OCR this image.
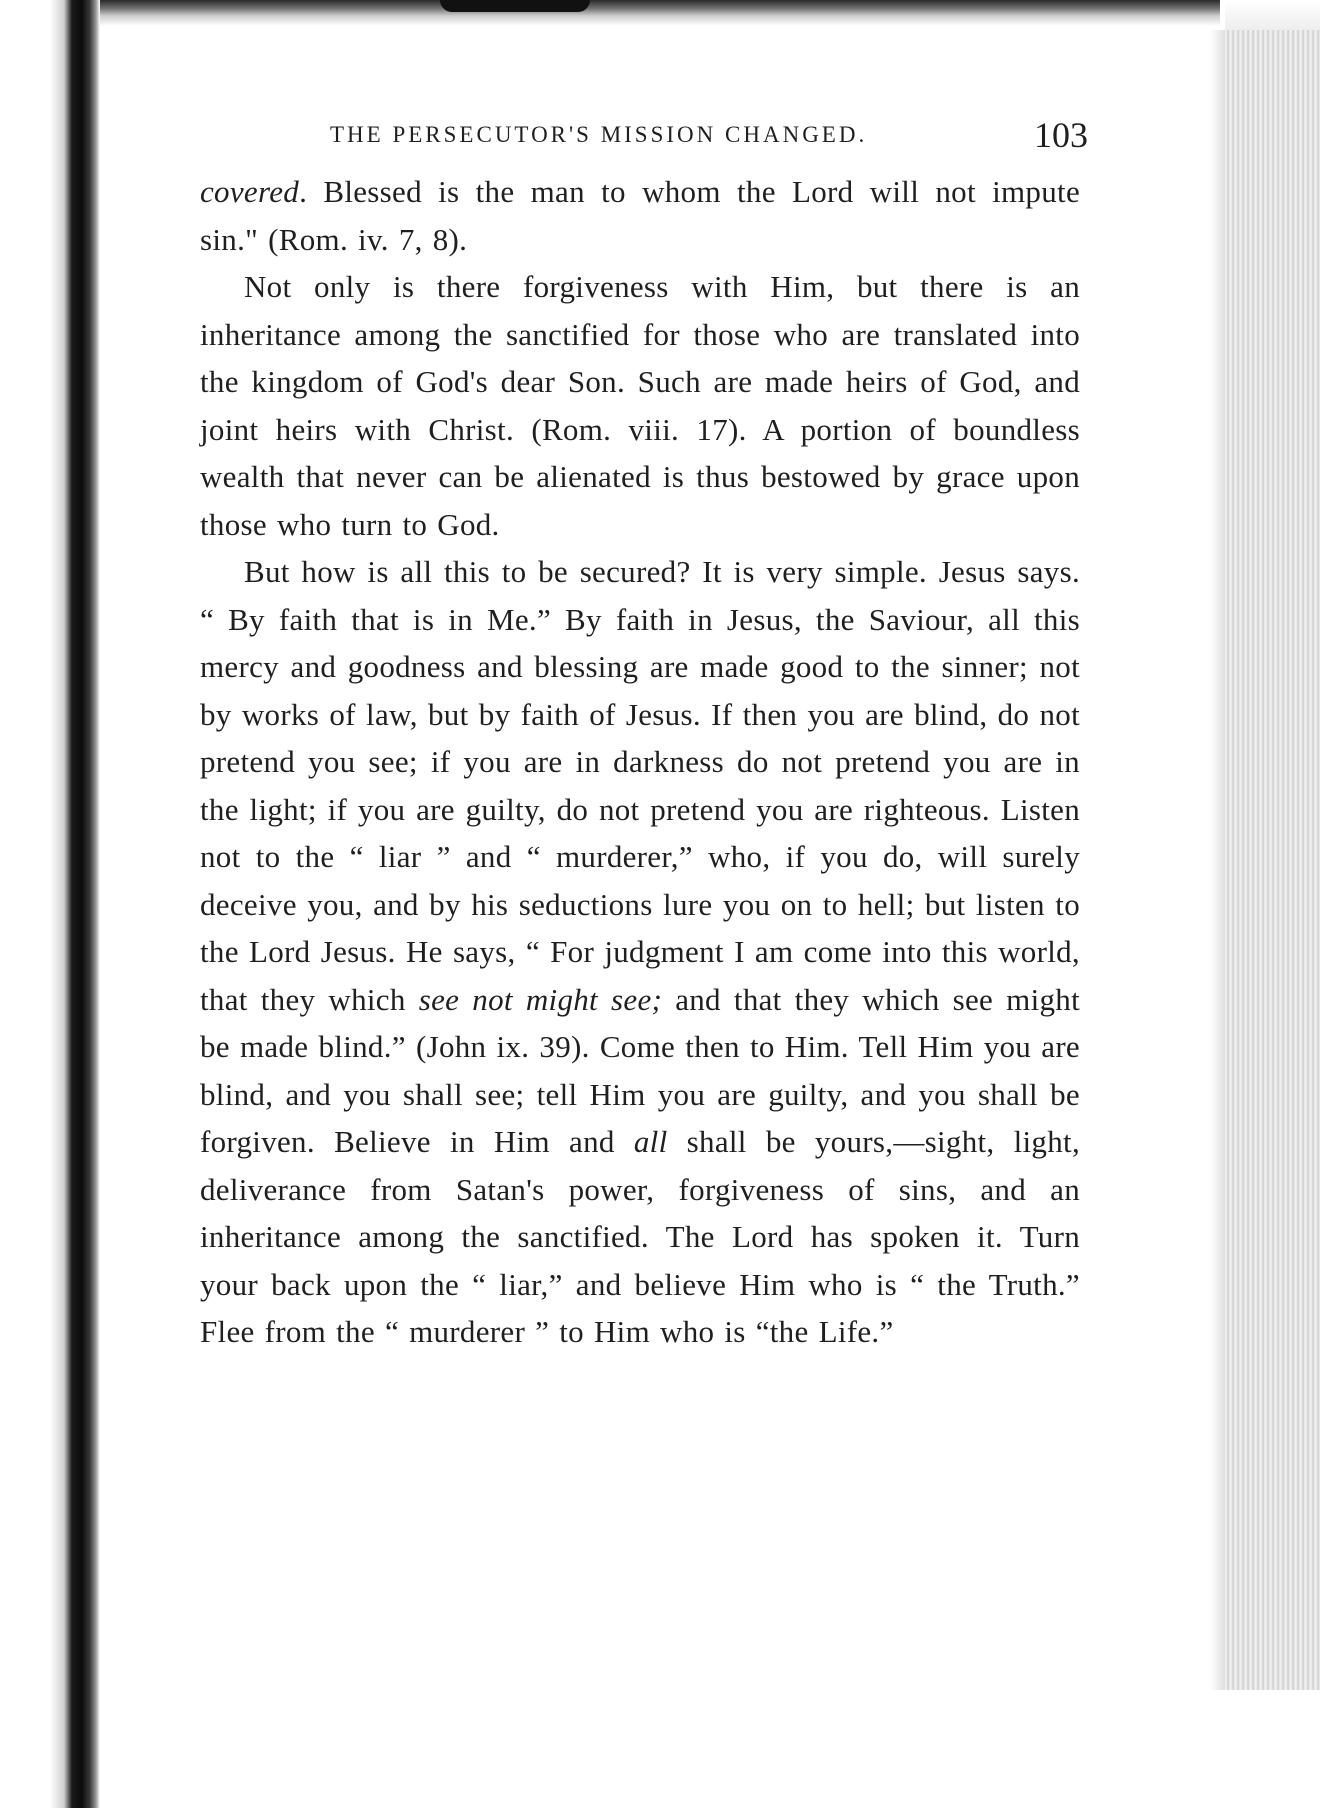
THE PERSECUTOR'S MISSION CHANGED.	103

covered. Blessed is the man to whom the Lord will not impute sin." (Rom. iv. 7, 8).

Not only is there forgiveness with Him, but there is an inheritance among the sanctified for those who are translated into the kingdom of God's dear Son. Such are made heirs of God, and joint heirs with Christ. (Rom. viii. 17). A portion of boundless wealth that never can be alienated is thus bestowed by grace upon those who turn to God.

But how is all this to be secured? It is very simple. Jesus says. “ By faith that is in Me.” By faith in Jesus, the Saviour, all this mercy and goodness and blessing are made good to the sinner; not by works of law, but by faith of Jesus. If then you are blind, do not pretend you see; if you are in darkness do not pretend you are in the light; if you are guilty, do not pretend you are righteous. Listen not to the “ liar ” and “ murderer,” who, if you do, will surely deceive you, and by his seductions lure you on to hell; but listen to the Lord Jesus. He says, “ For judgment I am come into this world, that they which see not might see; and that they which see might be made blind.” (John ix. 39). Come then to Him. Tell Him you are blind, and you shall see; tell Him you are guilty, and you shall be forgiven. Believe in Him and all shall be yours,—sight, light, deliverance from Satan's power, forgiveness of sins, and an inheritance among the sanctified. The Lord has spoken it. Turn your back upon the “ liar,” and believe Him who is “ the Truth.” Flee from the “ murderer ” to Him who is “the Life.”
